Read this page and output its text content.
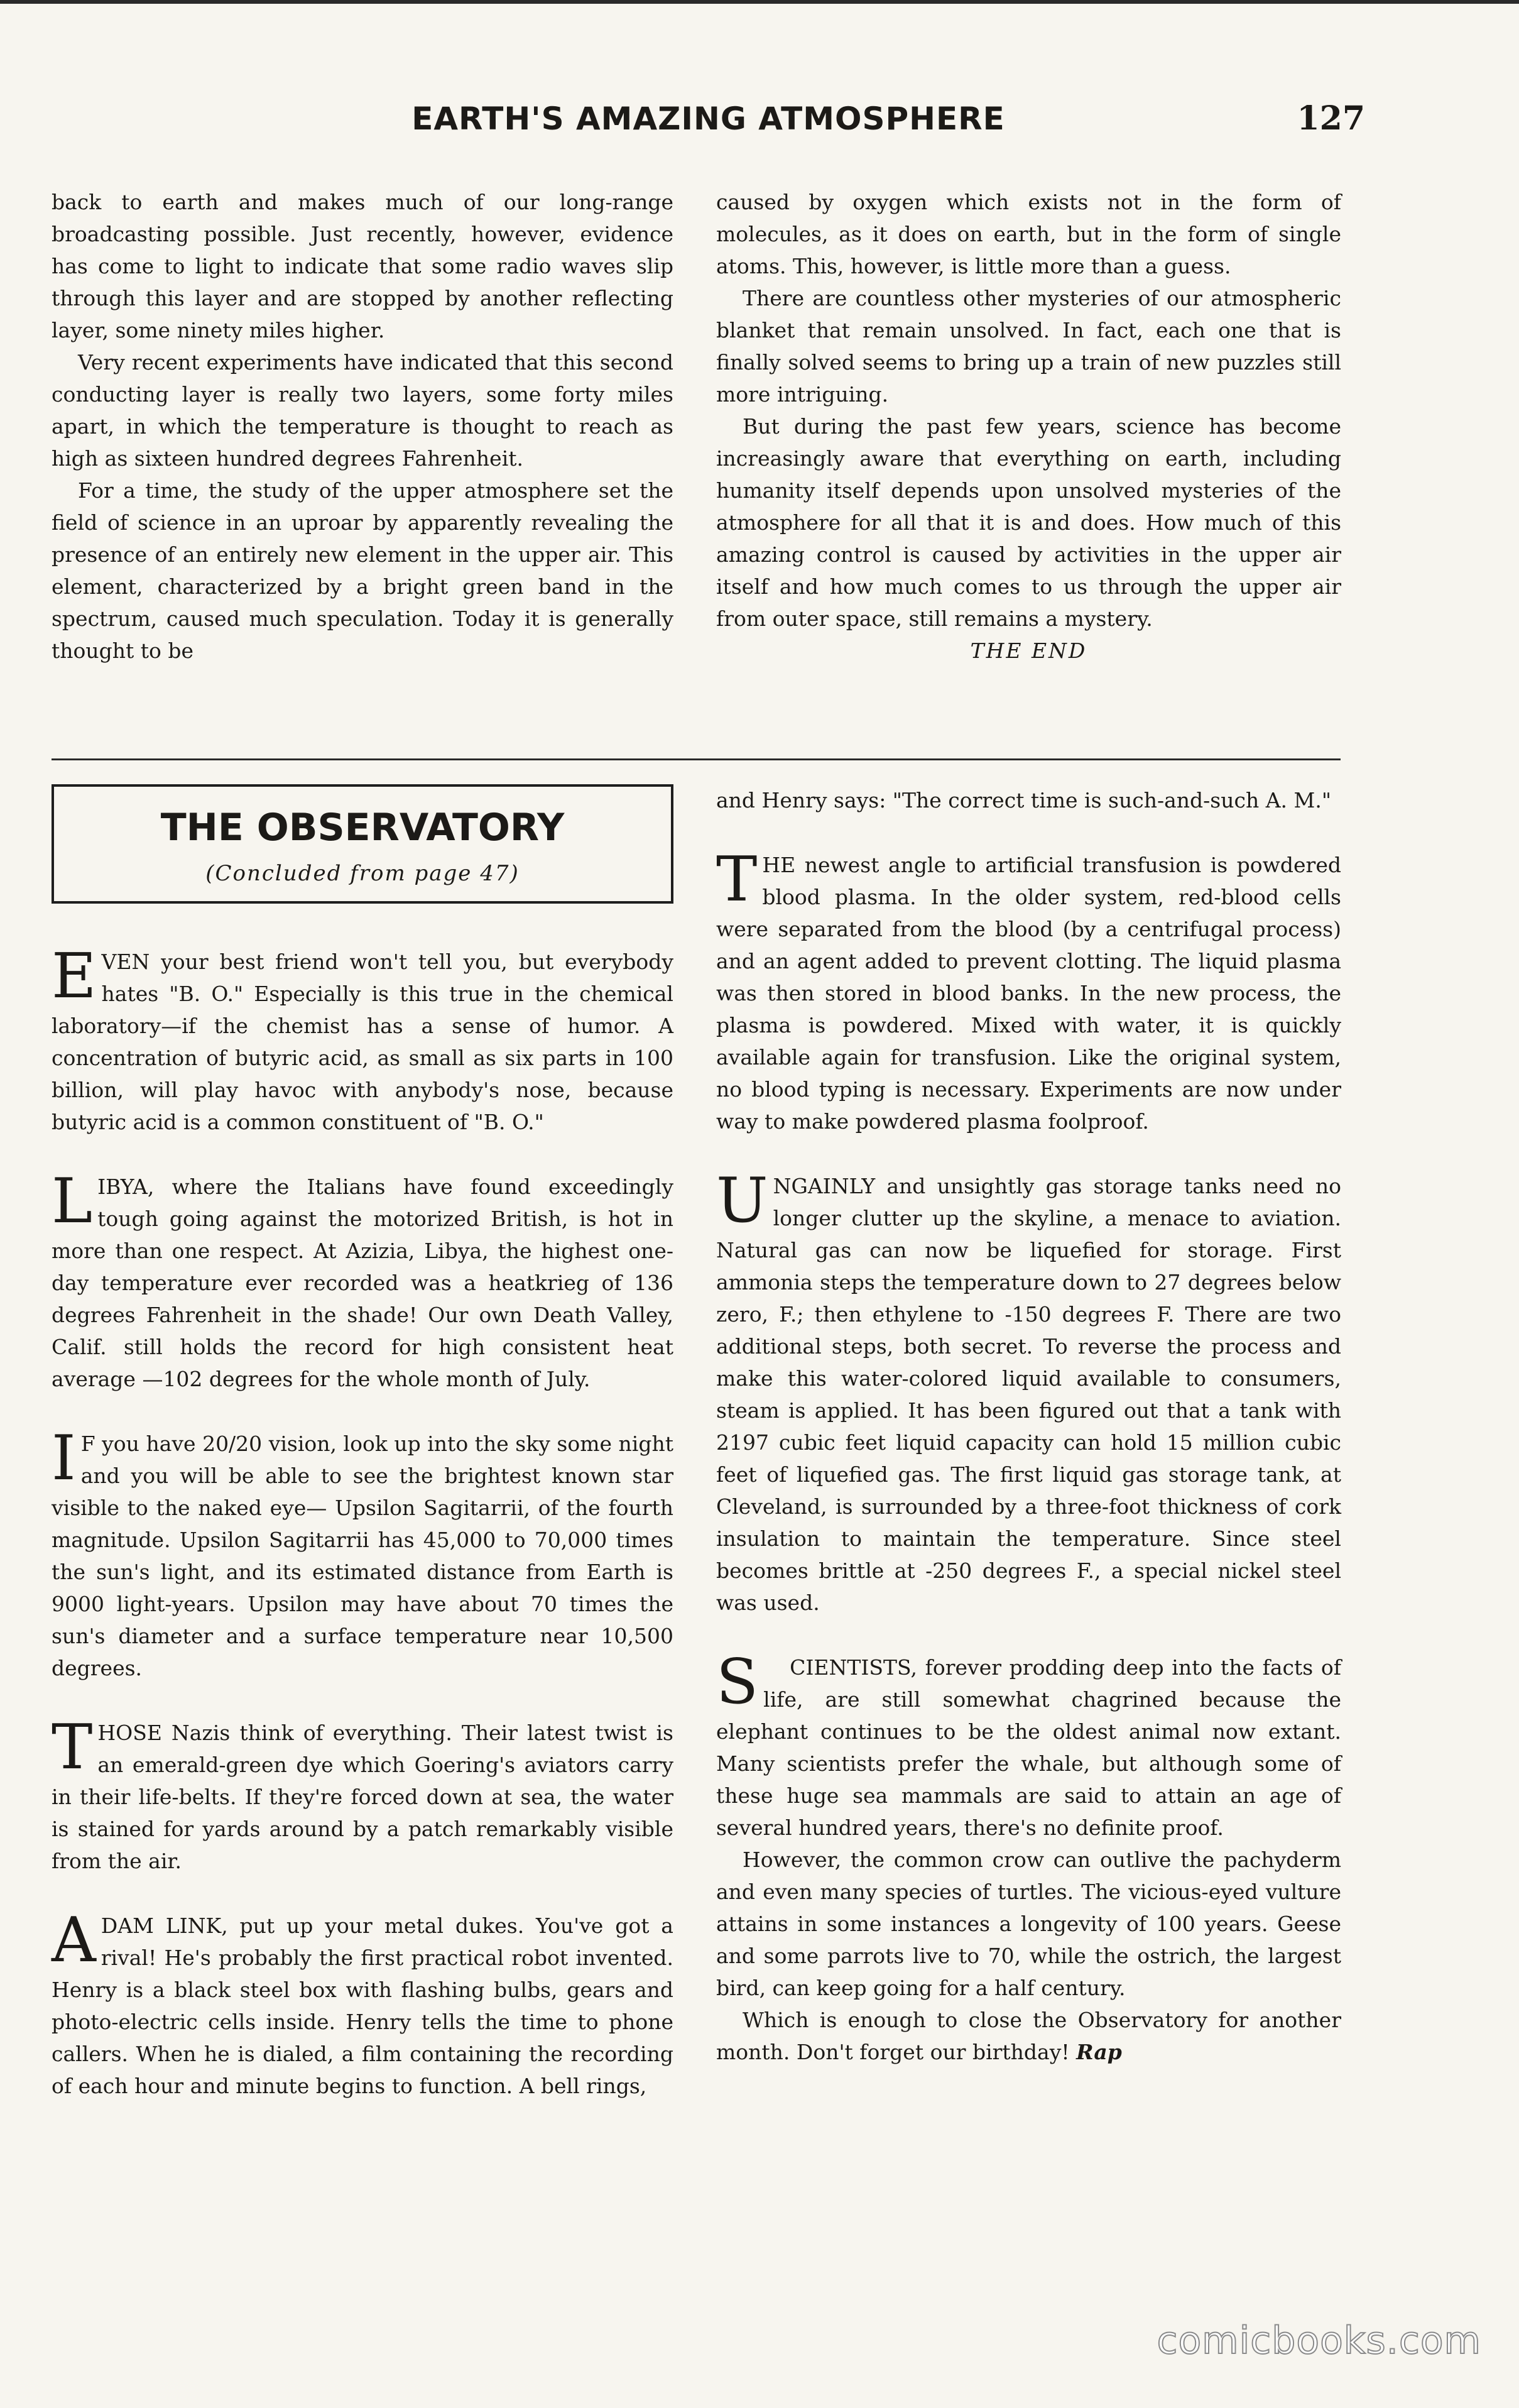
EARTH'S AMAZING ATMOSPHERE	127

back to earth and makes much of our long-range broadcasting possible. Just recently, however, evidence has come to light to indicate that some radio waves slip through this layer and are stopped by another reflecting layer, some ninety miles higher.

Very recent experiments have indicated that this second conducting layer is really two layers, some forty miles apart, in which the temperature is thought to reach as high as sixteen hundred degrees Fahrenheit.

For a time, the study of the upper atmosphere set the field of science in an uproar by apparently revealing the presence of an entirely new element in the upper air. This element, characterized by a bright green band in the spectrum, caused much speculation. Today it is generally thought to be

caused by oxygen which exists not in the form of molecules, as it does on earth, but in the form of single atoms. This, however, is little more than a guess.

There are countless other mysteries of our atmospheric blanket that remain unsolved. In fact, each one that is finally solved seems to bring up a train of new puzzles still more intriguing.

But during the past few years, science has become increasingly aware that everything on earth, including humanity itself depends upon unsolved mysteries of the atmosphere for all that it is and does. How much of this amazing control is caused by activities in the upper air itself and how much comes to us through the upper air from outer space, still remains a mystery.

THE END

THE OBSERVATORY
(Concluded from page 47)
E VEN your best friend won't tell you, but everybody hates "B. O." Especially is this true in the chemical laboratory—if the chemist has a sense of humor. A concentration of butyric acid, as small as six parts in 100 billion, will play havoc with anybody's nose, because butyric acid is a common constituent of "B. O."

L IBYA, where the Italians have found exceedingly tough going against the motorized British, is hot in more than one respect. At Azizia, Libya, the highest one-day temperature ever recorded was a heatkrieg of 136 degrees Fahrenheit in the shade! Our own Death Valley, Calif. still holds the record for high consistent heat average —102 degrees for the whole month of July.

I F you have 20/20 vision, look up into the sky some night and you will be able to see the brightest known star visible to the naked eye— Upsilon Sagitarrii, of the fourth magnitude. Upsilon Sagitarrii has 45,000 to 70,000 times the sun's light, and its estimated distance from Earth is 9000 light-years. Upsilon may have about 70 times the sun's diameter and a surface temperature near 10,500 degrees.

T HOSE Nazis think of everything. Their latest twist is an emerald-green dye which Goering's aviators carry in their life-belts. If they're forced down at sea, the water is stained for yards around by a patch remarkably visible from the air.

A DAM LINK, put up your metal dukes. You've got a rival! He's probably the first practical robot invented. Henry is a black steel box with flashing bulbs, gears and photo-electric cells inside. Henry tells the time to phone callers. When he is dialed, a film containing the recording of each hour and minute begins to function. A bell rings,

and Henry says: "The correct time is such-and-such A. M."

T HE newest angle to artificial transfusion is powdered blood plasma. In the older system, red-blood cells were separated from the blood (by a centrifugal process) and an agent added to prevent clotting. The liquid plasma was then stored in blood banks. In the new process, the plasma is powdered. Mixed with water, it is quickly available again for transfusion. Like the original system, no blood typing is necessary. Experiments are now under way to make powdered plasma foolproof.

U NGAINLY and unsightly gas storage tanks need no longer clutter up the skyline, a menace to aviation. Natural gas can now be liquefied for storage. First ammonia steps the temperature down to 27 degrees below zero, F.; then ethylene to -150 degrees F. There are two additional steps, both secret. To reverse the process and make this water-colored liquid available to consumers, steam is applied. It has been figured out that a tank with 2197 cubic feet liquid capacity can hold 15 million cubic feet of liquefied gas. The first liquid gas storage tank, at Cleveland, is surrounded by a three-foot thickness of cork insulation to maintain the temperature. Since steel becomes brittle at -250 degrees F., a special nickel steel was used.

S	CIENTISTS, forever prodding deep into the facts of life, are still somewhat chagrined because the elephant continues to be the oldest animal now extant. Many scientists prefer the whale, but although some of these huge sea mammals are said to attain an age of several hundred years, there's no definite proof.

However, the common crow can outlive the pachyderm and even many species of turtles. The vicious-eyed vulture attains in some instances a longevity of 100 years. Geese and some parrots live to 70, while the ostrich, the largest bird, can keep going for a half century.

Which is enough to close the Observatory for another month. Don't forget our birthday! Rap

comicbooks.com
